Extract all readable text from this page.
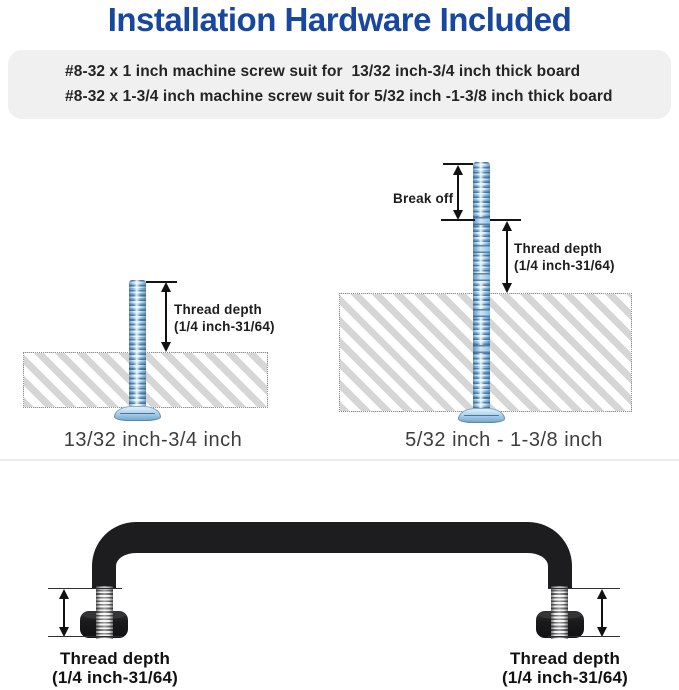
Installation Hardware Included
#8-32 x 1 inch machine screw suit for  13/32 inch-3/4 inch thick board
#8-32 x 1-3/4 inch machine screw suit for 5/32 inch -1-3/8 inch thick board
Thread depth
(1/4 inch-31/64)
13/32 inch-3/4 inch
Break off
Thread depth
(1/4 inch-31/64)
5/32 inch - 1-3/8 inch
Thread depth
(1/4 inch-31/64)
Thread depth
(1/4 inch-31/64)
